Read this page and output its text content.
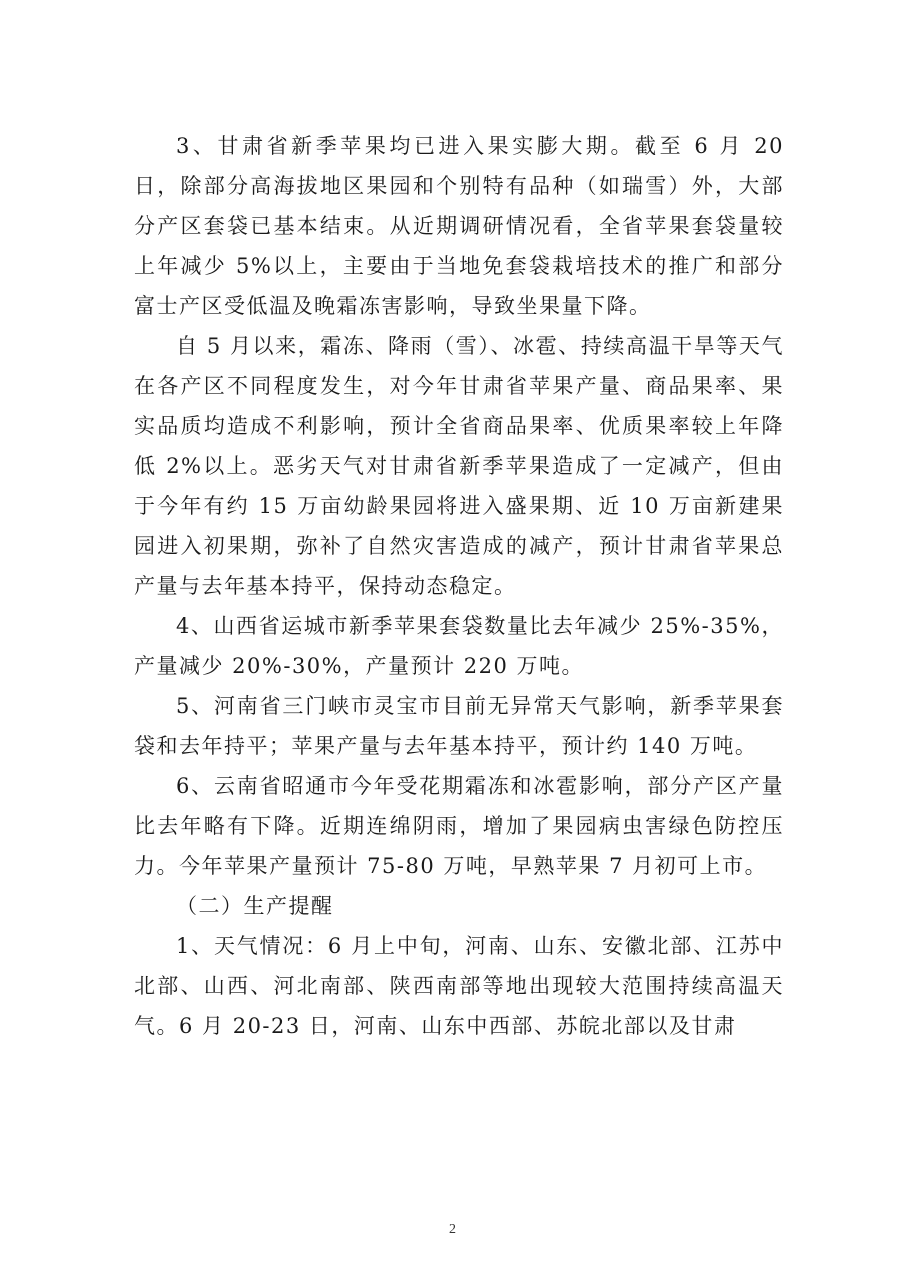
3、甘肃省新季苹果均已进入果实膨大期。截至 6 月 20 日，除部分高海拔地区果园和个别特有品种（如瑞雪）外，大部分产区套袋已基本结束。从近期调研情况看，全省苹果套袋量较上年减少 5%以上，主要由于当地免套袋栽培技术的推广和部分富士产区受低温及晚霜冻害影响，导致坐果量下降。

自 5 月以来，霜冻、降雨（雪）、冰雹、持续高温干旱等天气在各产区不同程度发生，对今年甘肃省苹果产量、商品果率、果实品质均造成不利影响，预计全省商品果率、优质果率较上年降低 2%以上。恶劣天气对甘肃省新季苹果造成了一定减产，但由于今年有约 15 万亩幼龄果园将进入盛果期、近 10 万亩新建果园进入初果期，弥补了自然灾害造成的减产，预计甘肃省苹果总产量与去年基本持平，保持动态稳定。

4、山西省运城市新季苹果套袋数量比去年减少 25%-35%，产量减少 20%-30%，产量预计 220 万吨。

5、河南省三门峡市灵宝市目前无异常天气影响，新季苹果套袋和去年持平；苹果产量与去年基本持平，预计约 140 万吨。

6、云南省昭通市今年受花期霜冻和冰雹影响，部分产区产量比去年略有下降。近期连绵阴雨，增加了果园病虫害绿色防控压力。今年苹果产量预计 75-80 万吨，早熟苹果 7 月初可上市。

（二）生产提醒

1、天气情况：6 月上中旬，河南、山东、安徽北部、江苏中北部、山西、河北南部、陕西南部等地出现较大范围持续高温天气。6 月 20-23 日，河南、山东中西部、苏皖北部以及甘肃

2
